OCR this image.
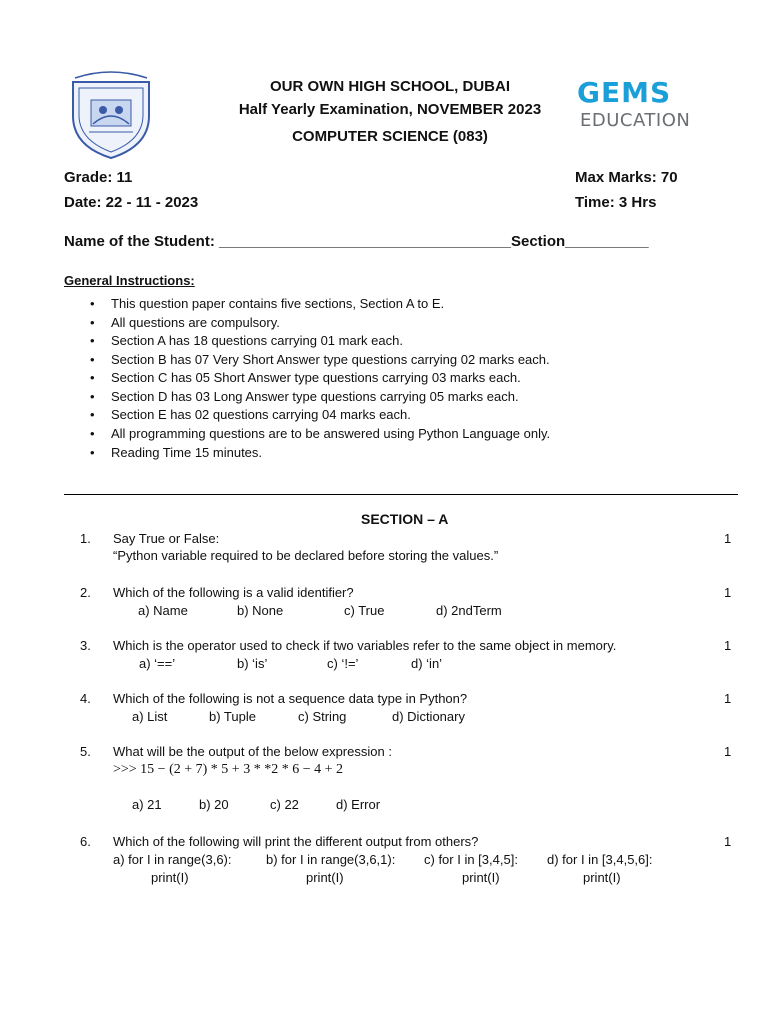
GEMS
EDUCATION
OUR OWN HIGH SCHOOL, DUBAI
Half Yearly Examination, NOVEMBER 2023
COMPUTER SCIENCE (083)
Grade: 11
Date: 22 - 11 - 2023
Max Marks: 70
Time: 3 Hrs
Name of the Student: ___________________________________Section__________
General Instructions:
• This question paper contains five sections, Section A to E.
• All questions are compulsory.
• Section A has 18 questions carrying 01 mark each.
• Section B has 07 Very Short Answer type questions carrying 02 marks each.
• Section C has 05 Short Answer type questions carrying 03 marks each.
• Section D has 03 Long Answer type questions carrying 05 marks each.
• Section E has 02 questions carrying 04 marks each.
• All programming questions are to be answered using Python Language only.
• Reading Time 15 minutes.
SECTION – A
1. Say True or False:
“Python variable required to be declared before storing the values.”
1
2. Which of the following is a valid identifier?	1
a) Name	b) None	c) True	d) 2ndTerm
3. Which is the operator used to check if two variables refer to the same object in memory.	1
a) ‘==’	b) ‘is’	c) ‘!=’	d) ‘in’
4. Which of the following is not a sequence data type in Python?	1
a) List	b) Tuple	c) String	d) Dictionary
5. What will be the output of the below expression :	1
>>> 15 − (2 + 7) * 5 + 3 * *2 * 6 − 4 + 2
a) 21	b) 20	c) 22	d) Error
6. Which of the following will print the different output from others?	1
a) for I in range(3,6):	b) for I in range(3,6,1): c) for I in [3,4,5]: d) for I in [3,4,5,6]:
print(I)	print(I)	print(I)	print(I)
